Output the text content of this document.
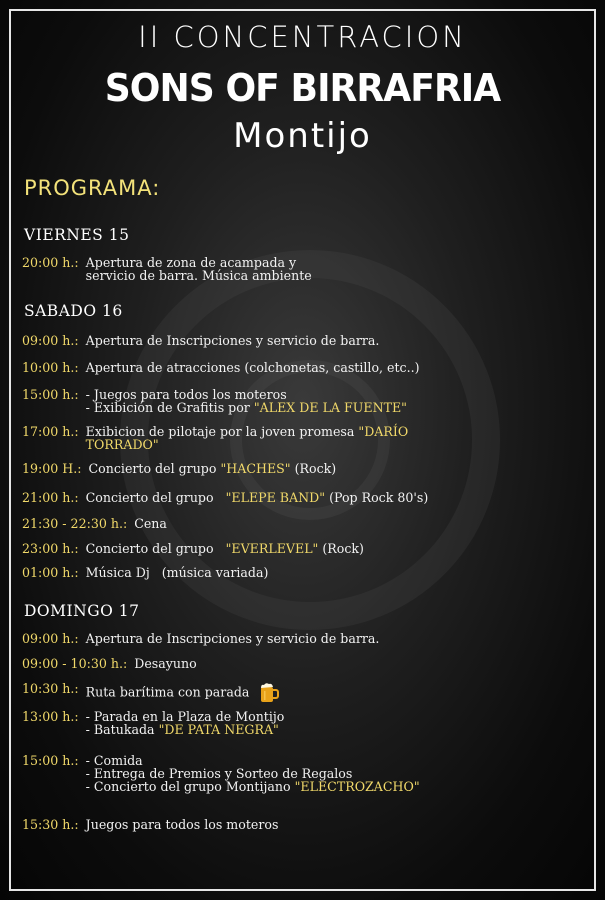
II CONCENTRACION
SONS OF BIRRAFRIA
Montijo
PROGRAMA:
VIERNES 15
20:00 h.: Apertura de zona de acampada y
servicio de barra. Música ambiente
SABADO 16
09:00 h.: Apertura de Inscripciones y servicio de barra.
10:00 h.: Apertura de atracciones (colchonetas, castillo, etc..)
15:00 h.: - Juegos para todos los moteros
- Exibición de Grafitis por "ALEX DE LA FUENTE"
17:00 h.: Exibicion de pilotaje por la joven promesa "DARÍO
TORRADO"
19:00 H.: Concierto del grupo "HACHES" (Rock)
21:00 h.: Concierto del grupo "ELEPE BAND" (Pop Rock 80's)
21:30 - 22:30 h.: Cena
23:00 h.: Concierto del grupo "EVERLEVEL" (Rock)
01:00 h.: Música Dj   (música variada)
DOMINGO 17
09:00 h.: Apertura de Inscripciones y servicio de barra.
09:00 - 10:30 h.: Desayuno
10:30 h.: Ruta barítima con parada
13:00 h.: - Parada en la Plaza de Montijo
- Batukada "DE PATA NEGRA"
15:00 h.: - Comida
- Entrega de Premios y Sorteo de Regalos
- Concierto del grupo Montijano "ELECTROZACHO"
15:30 h.: Juegos para todos los moteros
